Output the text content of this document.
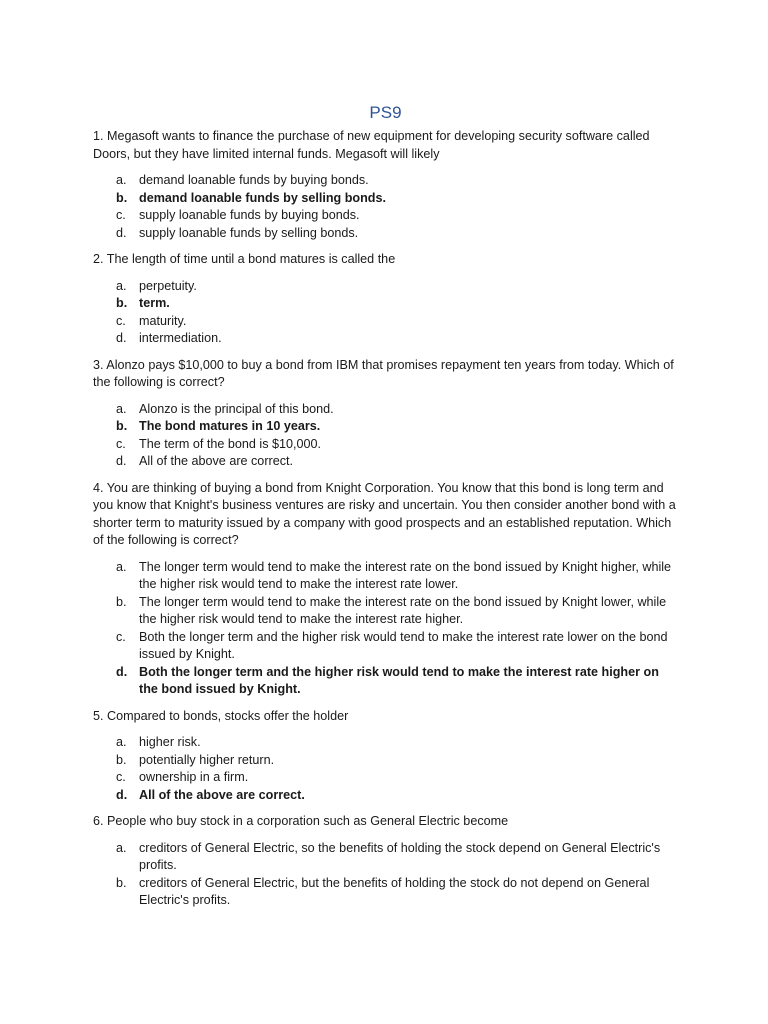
PS9

1. Megasoft wants to finance the purchase of new equipment for developing security software called Doors, but they have limited internal funds. Megasoft will likely

a. demand loanable funds by buying bonds.
b. demand loanable funds by selling bonds.
c.	supply loanable funds by buying bonds.
d. supply loanable funds by selling bonds.

2. The length of time until a bond matures is called the

a. perpetuity.
b. term.
c.	maturity.
d. intermediation.

3. Alonzo pays $10,000 to buy a bond from IBM that promises repayment ten years from today. Which of the following is correct?

a. Alonzo is the principal of this bond.
b. The bond matures in 10 years.
c.	The term of the bond is $10,000.
d. All of the above are correct.

4. You are thinking of buying a bond from Knight Corporation. You know that this bond is long term and you know that Knight's business ventures are risky and uncertain. You then consider another bond with a shorter term to maturity issued by a company with good prospects and an established reputation. Which of the following is correct?

a. The longer term would tend to make the interest rate on the bond issued by Knight higher, while the higher risk would tend to make the interest rate lower.
b. The longer term would tend to make the interest rate on the bond issued by Knight lower, while the higher risk would tend to make the interest rate higher.
c.	Both the longer term and the higher risk would tend to make the interest rate lower on the bond issued by Knight.
d. Both the longer term and the higher risk would tend to make the interest rate higher on the bond issued by Knight.

5. Compared to bonds, stocks offer the holder

a. higher risk.
b. potentially higher return.
c.	ownership in a firm.
d. All of the above are correct.

6. People who buy stock in a corporation such as General Electric become

a. creditors of General Electric, so the benefits of holding the stock depend on General Electric's profits.
b. creditors of General Electric, but the benefits of holding the stock do not depend on General Electric's profits.
